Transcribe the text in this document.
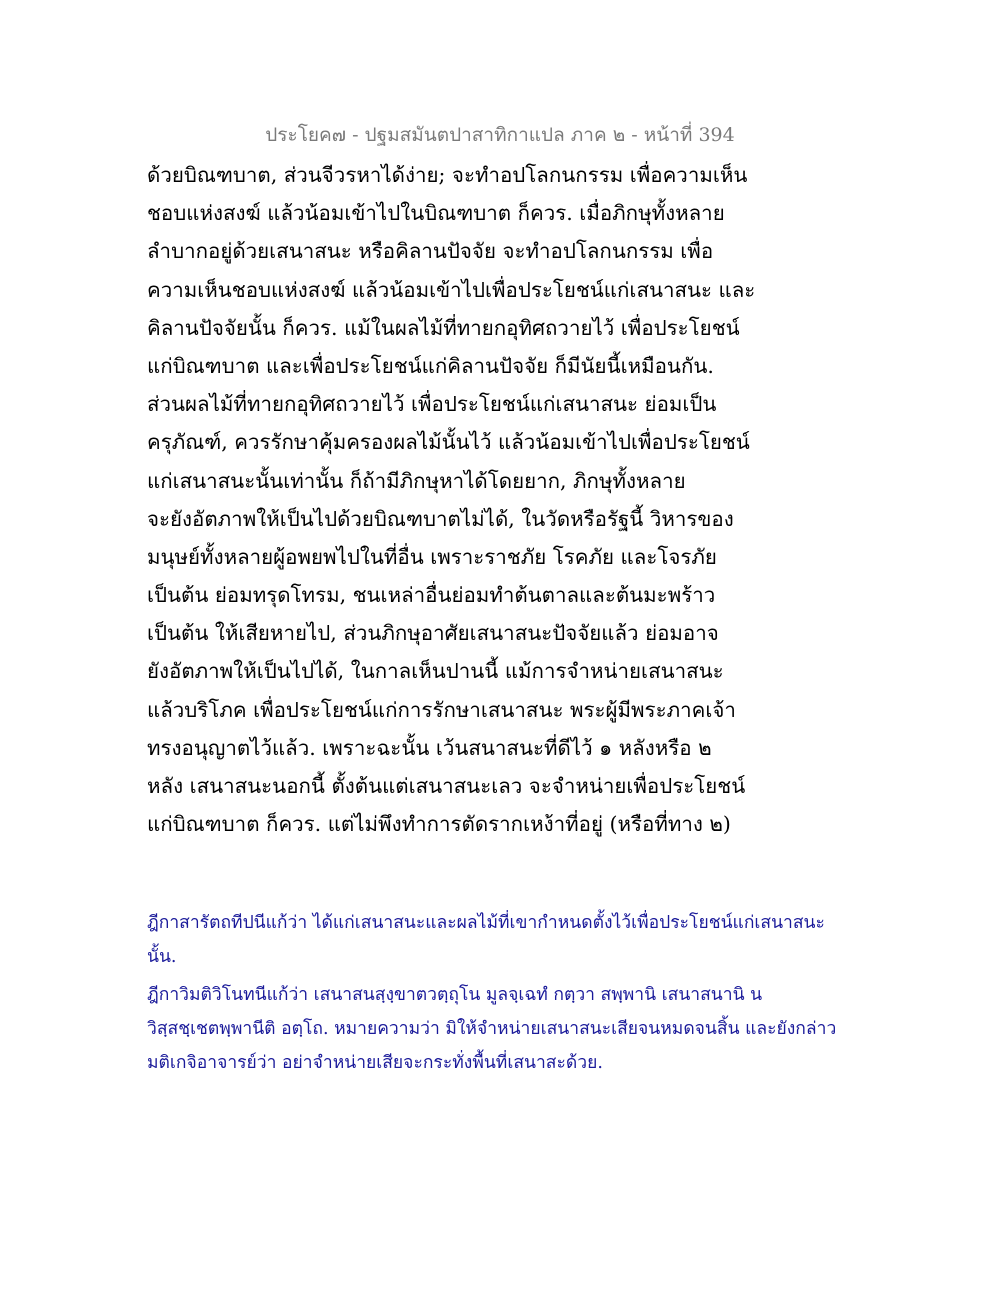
ประโยค๗ - ปฐมสมันตปาสาทิกาแปล ภาค ๒ - หน้าที่ 394
ด้วยบิณฑบาต, ส่วนจีวรหาได้ง่าย; จะทำอปโลกนกรรม เพื่อความเห็น
ชอบแห่งสงฆ์ แล้วน้อมเข้าไปในบิณฑบาต ก็ควร. เมื่อภิกษุทั้งหลาย
ลำบากอยู่ด้วยเสนาสนะ หรือคิลานปัจจัย จะทำอปโลกนกรรม เพื่อ
ความเห็นชอบแห่งสงฆ์ แล้วน้อมเข้าไปเพื่อประโยชน์แก่เสนาสนะ และ
คิลานปัจจัยนั้น ก็ควร. แม้ในผลไม้ที่ทายกอุทิศถวายไว้ เพื่อประโยชน์
แก่บิณฑบาต และเพื่อประโยชน์แก่คิลานปัจจัย ก็มีนัยนี้เหมือนกัน.
ส่วนผลไม้ที่ทายกอุทิศถวายไว้ เพื่อประโยชน์แก่เสนาสนะ ย่อมเป็น
ครุภัณฑ์, ควรรักษาคุ้มครองผลไม้นั้นไว้ แล้วน้อมเข้าไปเพื่อประโยชน์
แก่เสนาสนะนั้นเท่านั้น ก็ถ้ามีภิกษุหาได้โดยยาก, ภิกษุทั้งหลาย
จะยังอัตภาพให้เป็นไปด้วยบิณฑบาตไม่ได้, ในวัดหรือรัฐนี้ วิหารของ
มนุษย์ทั้งหลายผู้อพยพไปในที่อื่น เพราะราชภัย โรคภัย และโจรภัย
เป็นต้น ย่อมทรุดโทรม, ชนเหล่าอื่นย่อมทำต้นตาลและต้นมะพร้าว
เป็นต้น ให้เสียหายไป, ส่วนภิกษุอาศัยเสนาสนะปัจจัยแล้ว ย่อมอาจ
ยังอัตภาพให้เป็นไปได้, ในกาลเห็นปานนี้ แม้การจำหน่ายเสนาสนะ
แล้วบริโภค เพื่อประโยชน์แก่การรักษาเสนาสนะ พระผู้มีพระภาคเจ้า
ทรงอนุญาตไว้แล้ว. เพราะฉะนั้น เว้นสนาสนะที่ดีไว้ ๑ หลังหรือ ๒
หลัง เสนาสนะนอกนี้ ตั้งต้นแต่เสนาสนะเลว จะจำหน่ายเพื่อประโยชน์
แก่บิณฑบาต ก็ควร. แต่ไม่พึงทำการตัดรากเหง้าที่อยู่ (หรือที่ทาง ๒)
ฎีกาสารัตถทีปนีแก้ว่า ได้แก่เสนาสนะและผลไม้ที่เขากำหนดตั้งไว้เพื่อประโยชน์แก่เสนาสนะ
นั้น.
ฎีกาวิมติวิโนทนีแก้ว่า เสนาสนสฺงฺขาตวตฺถุโน มูลจฺเฉทํ กตฺวา สพฺพานิ เสนาสนานิ น
วิสฺสชฺเชตพฺพานีติ อตฺโถ. หมายความว่า มิให้จำหน่ายเสนาสนะเสียจนหมดจนสิ้น และยังกล่าว
มติเกจิอาจารย์ว่า อย่าจำหน่ายเสียจะกระทั่งพื้นที่เสนาสะด้วย.
